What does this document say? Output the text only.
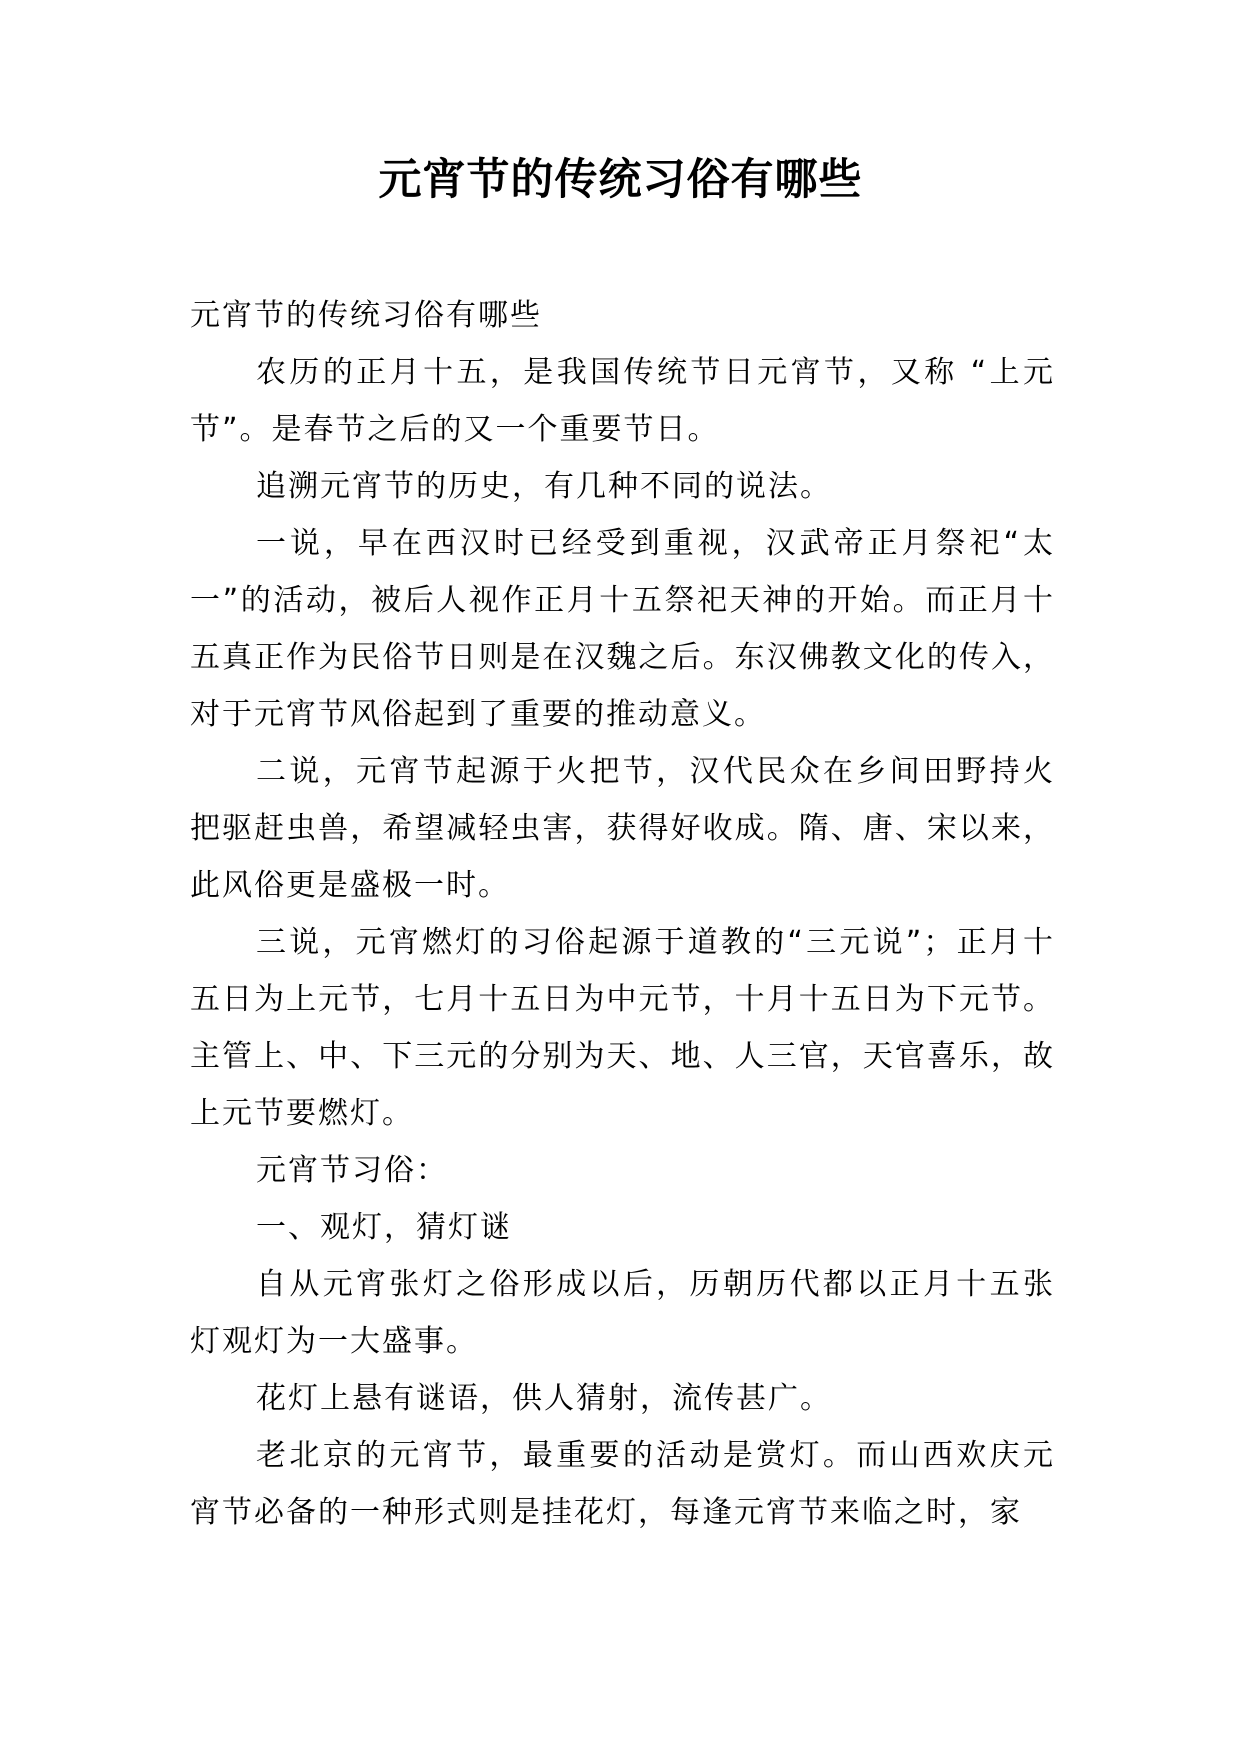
元宵节的传统习俗有哪些

元宵节的传统习俗有哪些

农历的正月十五，是我国传统节日元宵节，又称 “上元节”。是春节之后的又一个重要节日。

追溯元宵节的历史，有几种不同的说法。

一说，早在西汉时已经受到重视，汉武帝正月祭祀“太一”的活动，被后人视作正月十五祭祀天神的开始。而正月十五真正作为民俗节日则是在汉魏之后。东汉佛教文化的传入，对于元宵节风俗起到了重要的推动意义。

二说，元宵节起源于火把节，汉代民众在乡间田野持火把驱赶虫兽，希望减轻虫害，获得好收成。隋、唐、宋以来，此风俗更是盛极一时。

三说，元宵燃灯的习俗起源于道教的“三元说”；正月十五日为上元节，七月十五日为中元节，十月十五日为下元节。主管上、中、下三元的分别为天、地、人三官，天官喜乐，故上元节要燃灯。

元宵节习俗：

一、观灯，猜灯谜

自从元宵张灯之俗形成以后，历朝历代都以正月十五张灯观灯为一大盛事。

花灯上悬有谜语，供人猜射，流传甚广。

老北京的元宵节，最重要的活动是赏灯。而山西欢庆元宵节必备的一种形式则是挂花灯，每逢元宵节来临之时，家
